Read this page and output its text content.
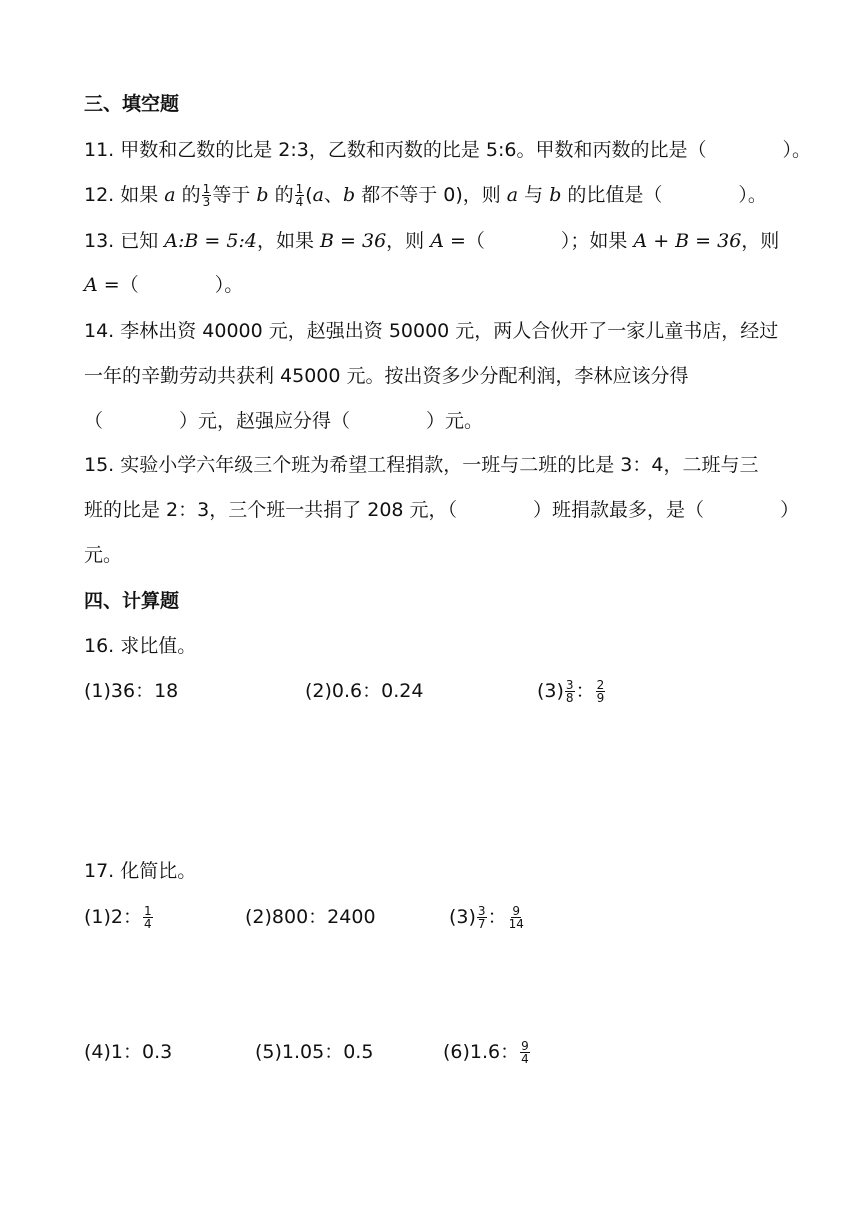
三、填空题
11. 甲数和乙数的比是 2:3，乙数和丙数的比是 5:6。甲数和丙数的比是（　　　　）。
12. 如果 a 的 $\frac{1}{3}$ 等于 b 的 $\frac{1}{4} (a$、b 都不等于 0)，则 a 与 b 的比值是（　　　　）。
13. 已知 A:B = 5:4，如果 B = 36，则 A =（　　　　）；如果 A + B = 36，则
A =（　　　　）。
14. 李林出资 40000 元，赵强出资 50000 元，两人合伙开了一家儿童书店，经过
一年的辛勤劳动共获利 45000 元。按出资多少分配利润，李林应该分得
（　　　　）元，赵强应分得（　　　　）元。
15. 实验小学六年级三个班为希望工程捐款，一班与二班的比是 3：4，二班与三
班的比是 2：3，三个班一共捐了 208 元，（　　　　）班捐款最多，是（　　　　）
元。
四、计算题
16. 求比值。
(1)36：18	(2)0.6：0.24	$(3) \frac{3}{8}$ ： $\frac{2}{9}$
17. 化简比。
(1)2： $\frac{1}{4}$	(2)800：2400	$(3) \frac{3}{7}$ ： $\frac{9}{14}$
(4)1：0.3	(5)1.05：0.5	(6)1.6： $\frac{9}{4}$
